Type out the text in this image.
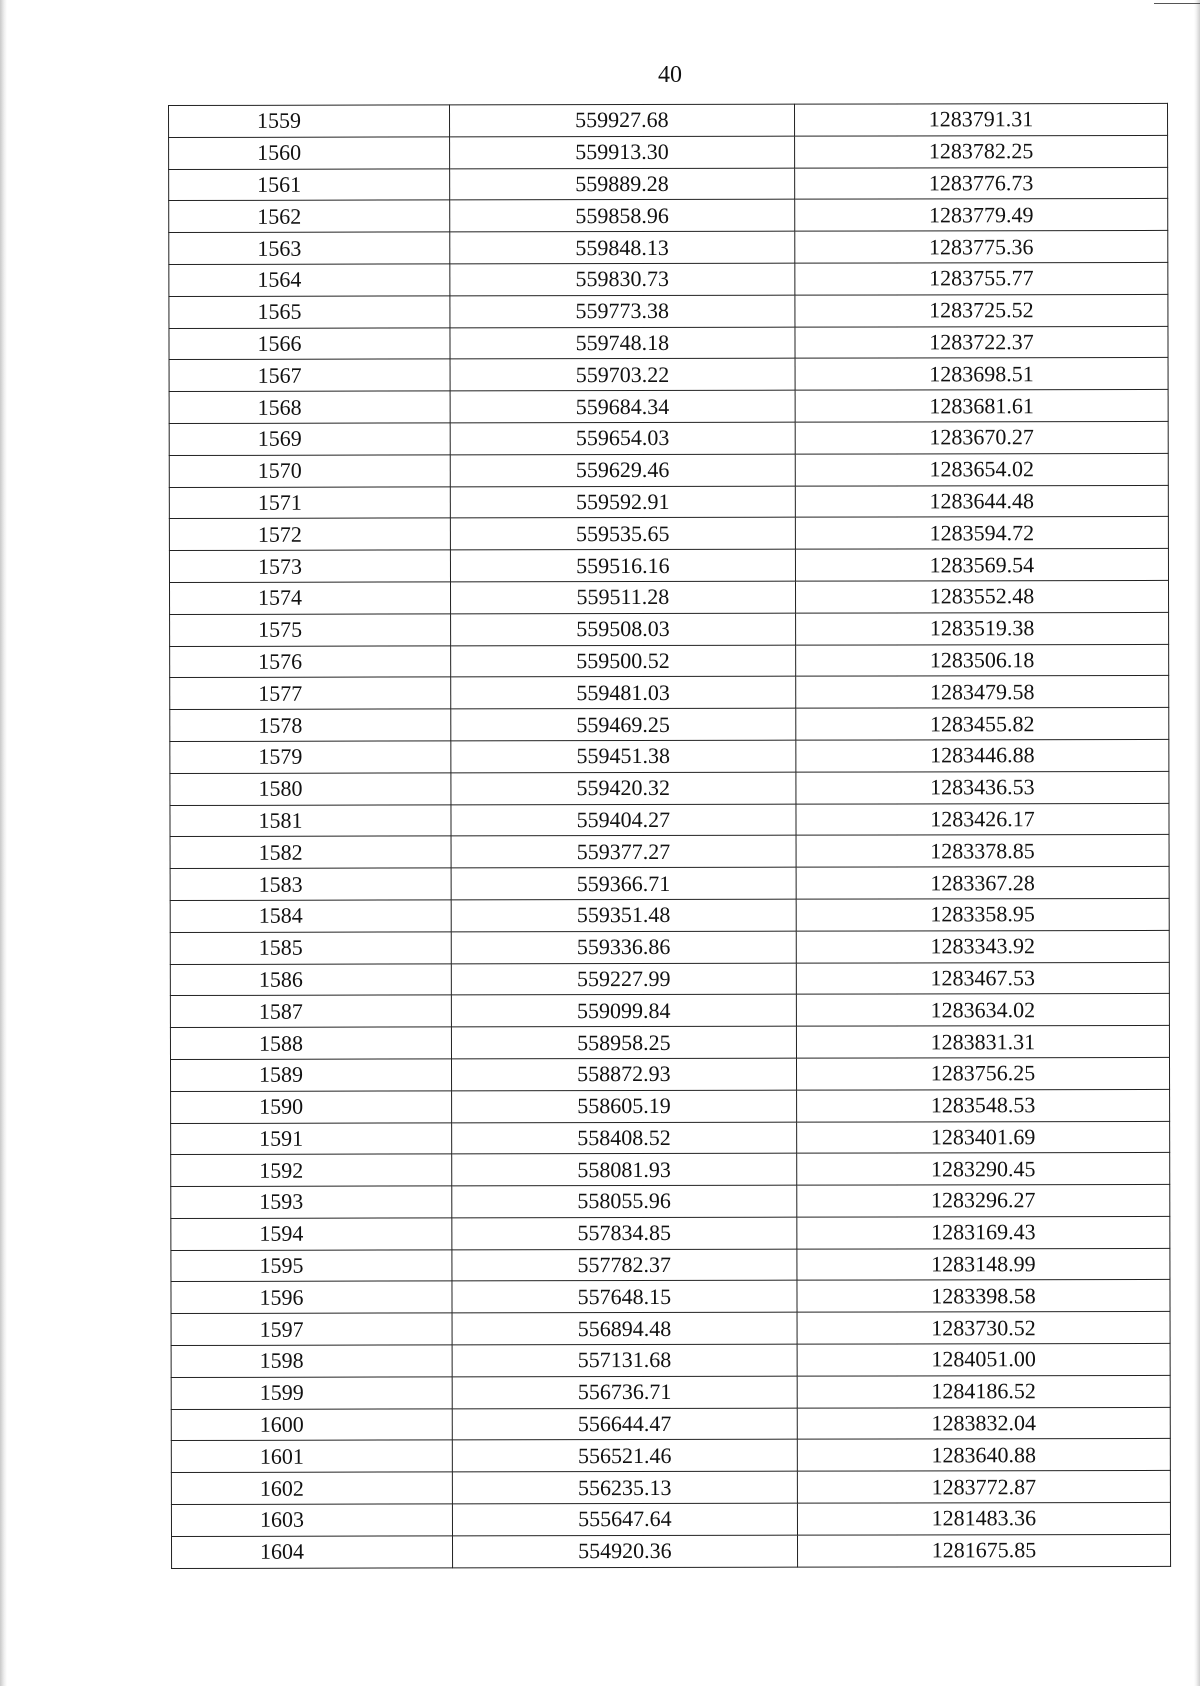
40
1559	559927.68	1283791.31
1560	559913.30	1283782.25
1561	559889.28	1283776.73
1562	559858.96	1283779.49
1563	559848.13	1283775.36
1564	559830.73	1283755.77
1565	559773.38	1283725.52
1566	559748.18	1283722.37
1567	559703.22	1283698.51
1568	559684.34	1283681.61
1569	559654.03	1283670.27
1570	559629.46	1283654.02
1571	559592.91	1283644.48
1572	559535.65	1283594.72
1573	559516.16	1283569.54
1574	559511.28	1283552.48
1575	559508.03	1283519.38
1576	559500.52	1283506.18
1577	559481.03	1283479.58
1578	559469.25	1283455.82
1579	559451.38	1283446.88
1580	559420.32	1283436.53
1581	559404.27	1283426.17
1582	559377.27	1283378.85
1583	559366.71	1283367.28
1584	559351.48	1283358.95
1585	559336.86	1283343.92
1586	559227.99	1283467.53
1587	559099.84	1283634.02
1588	558958.25	1283831.31
1589	558872.93	1283756.25
1590	558605.19	1283548.53
1591	558408.52	1283401.69
1592	558081.93	1283290.45
1593	558055.96	1283296.27
1594	557834.85	1283169.43
1595	557782.37	1283148.99
1596	557648.15	1283398.58
1597	556894.48	1283730.52
1598	557131.68	1284051.00
1599	556736.71	1284186.52
1600	556644.47	1283832.04
1601	556521.46	1283640.88
1602	556235.13	1283772.87
1603	555647.64	1281483.36
1604	554920.36	1281675.85
